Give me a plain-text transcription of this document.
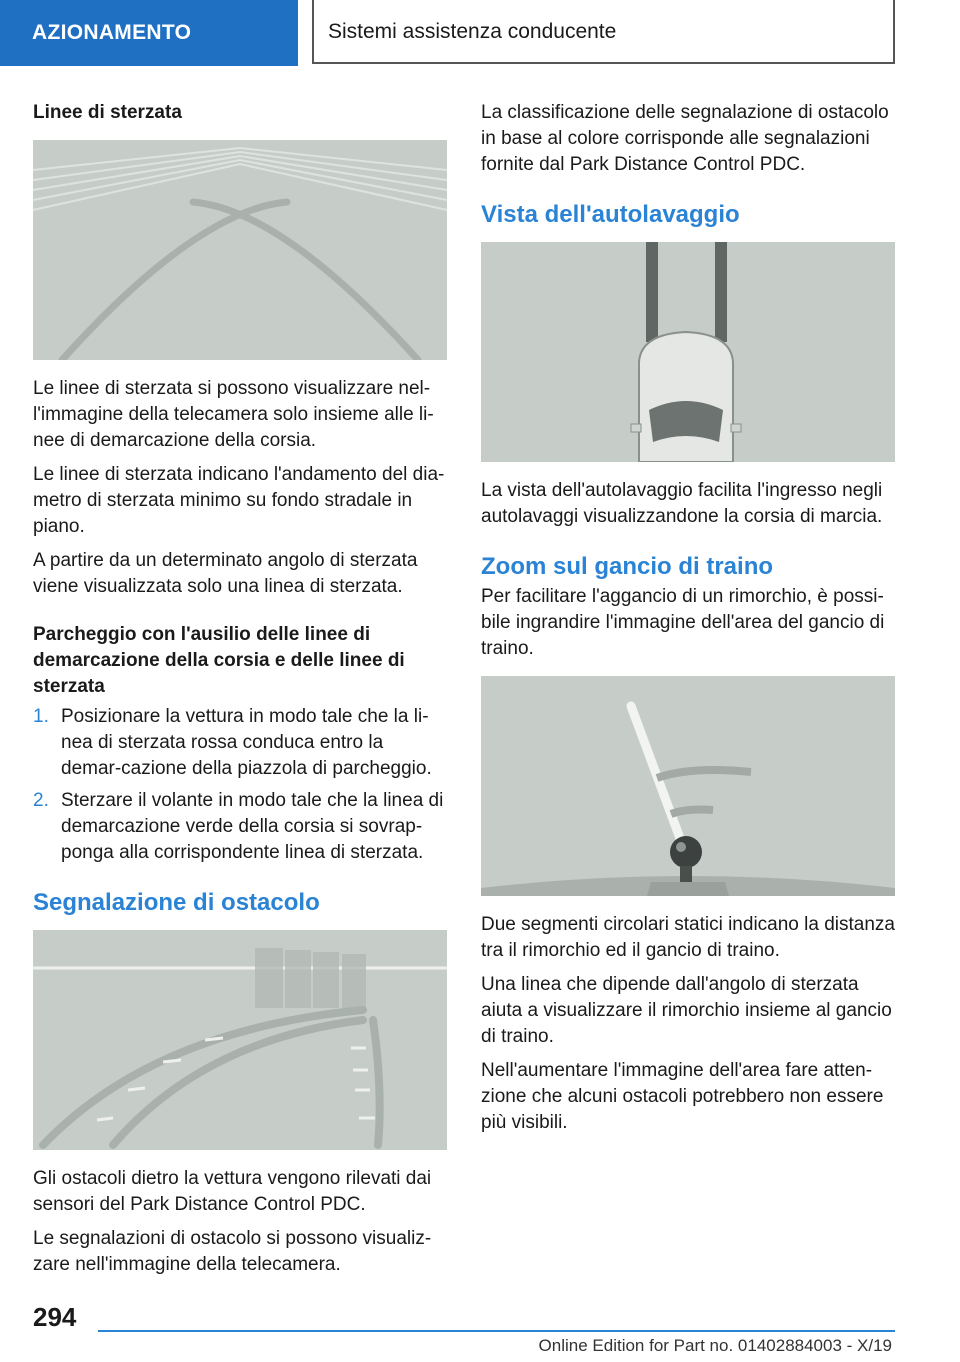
AZIONAMENTO	Sistemi assistenza conducente
Linee di sterzata

Le linee di sterzata si possono visualizzare nel-l'immagine della telecamera solo insieme alle li-nee di demarcazione della corsia.

Le linee di sterzata indicano l'andamento del dia-metro di sterzata minimo su fondo stradale in piano.

A partire da un determinato angolo di sterzata viene visualizzata solo una linea di sterzata.

Parcheggio con l'ausilio delle linee di demarcazione della corsia e delle linee di sterzata
1. Posizionare la vettura in modo tale che la li-nea di sterzata rossa conduca entro la demar-cazione della piazzola di parcheggio.
2. Sterzare il volante in modo tale che la linea di demarcazione verde della corsia si sovrap-ponga alla corrispondente linea di sterzata.
Segnalazione di ostacolo

Gli ostacoli dietro la vettura vengono rilevati dai sensori del Park Distance Control PDC.

Le segnalazioni di ostacolo si possono visualiz-zare nell'immagine della telecamera.

La classificazione delle segnalazione di ostacolo in base al colore corrisponde alle segnalazioni fornite dal Park Distance Control PDC.

Vista dell'autolavaggio

La vista dell'autolavaggio facilita l'ingresso negli autolavaggi visualizzandone la corsia di marcia.

Zoom sul gancio di traino

Per facilitare l'aggancio di un rimorchio, è possi-bile ingrandire l'immagine dell'area del gancio di traino.

Due segmenti circolari statici indicano la distanza tra il rimorchio ed il gancio di traino.

Una linea che dipende dall'angolo di sterzata aiuta a visualizzare il rimorchio insieme al gancio di traino.

Nell'aumentare l'immagine dell'area fare atten-zione che alcuni ostacoli potrebbero non essere più visibili.

294
Online Edition for Part no. 01402884003 - X/19
